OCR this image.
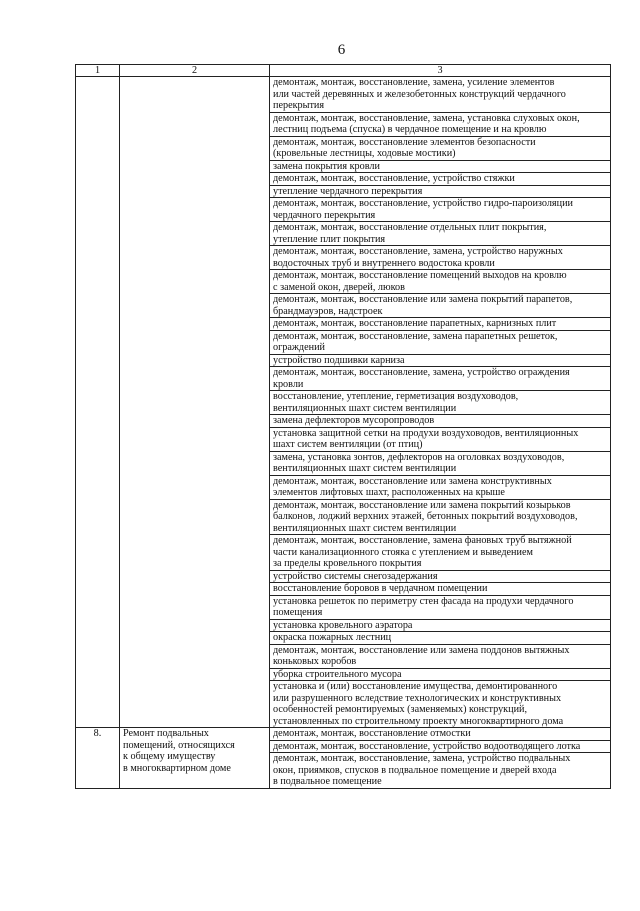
6
1	2	3

		демонтаж, монтаж, восстановление, замена, усиление элементов
или частей деревянных и железобетонных конструкций чердачного
перекрытия

		демонтаж, монтаж, восстановление, замена, установка слуховых окон,
лестниц подъема (спуска) в чердачное помещение и на кровлю

		демонтаж, монтаж, восстановление элементов безопасности
(кровельные лестницы, ходовые мостики)

		замена покрытия кровли

		демонтаж, монтаж, восстановление, устройство стяжки

		утепление чердачного перекрытия

		демонтаж, монтаж, восстановление, устройство гидро-пароизоляции
чердачного перекрытия

		демонтаж, монтаж, восстановление отдельных плит покрытия,
утепление плит покрытия

		демонтаж, монтаж, восстановление, замена, устройство наружных
водосточных труб и внутреннего водостока кровли

		демонтаж, монтаж, восстановление помещений выходов на кровлю
с заменой окон, дверей, люков

		демонтаж, монтаж, восстановление или замена покрытий парапетов,
брандмауэров, надстроек

		демонтаж, монтаж, восстановление парапетных, карнизных плит

		демонтаж, монтаж, восстановление, замена парапетных решеток,
ограждений

		устройство подшивки карниза

		демонтаж, монтаж, восстановление, замена, устройство ограждения
кровли

		восстановление, утепление, герметизация воздуховодов,
вентиляционных шахт систем вентиляции

		замена дефлекторов мусоропроводов

		установка защитной сетки на продухи воздуховодов, вентиляционных
шахт систем вентиляции (от птиц)

		замена, установка зонтов, дефлекторов на оголовках воздуховодов,
вентиляционных шахт систем вентиляции

		демонтаж, монтаж, восстановление или замена конструктивных
элементов лифтовых шахт, расположенных на крыше

		демонтаж, монтаж, восстановление или замена покрытий козырьков
балконов, лоджий верхних этажей, бетонных покрытий воздуховодов,
вентиляционных шахт систем вентиляции

		демонтаж, монтаж, восстановление, замена фановых труб вытяжной
части канализационного стояка с утеплением и выведением
за пределы кровельного покрытия

		устройство системы снегозадержания

		восстановление боровов в чердачном помещении

		установка решеток по периметру стен фасада на продухи чердачного
помещения

		установка кровельного аэратора

		окраска пожарных лестниц

		демонтаж, монтаж, восстановление или замена поддонов вытяжных
коньковых коробов

		уборка строительного мусора

		установка и (или) восстановление имущества, демонтированного
или разрушенного вследствие технологических и конструктивных
особенностей ремонтируемых (заменяемых) конструкций,
установленных по строительному проекту многоквартирного дома

8.	Ремонт подвальных
помещений, относящихся
к общему имуществу
в многоквартирном доме	демонтаж, монтаж, восстановление отмостки

		демонтаж, монтаж, восстановление, устройство водоотводящего лотка

		демонтаж, монтаж, восстановление, замена, устройство подвальных
окон, приямков, спусков в подвальное помещение и дверей входа
в подвальное помещение
